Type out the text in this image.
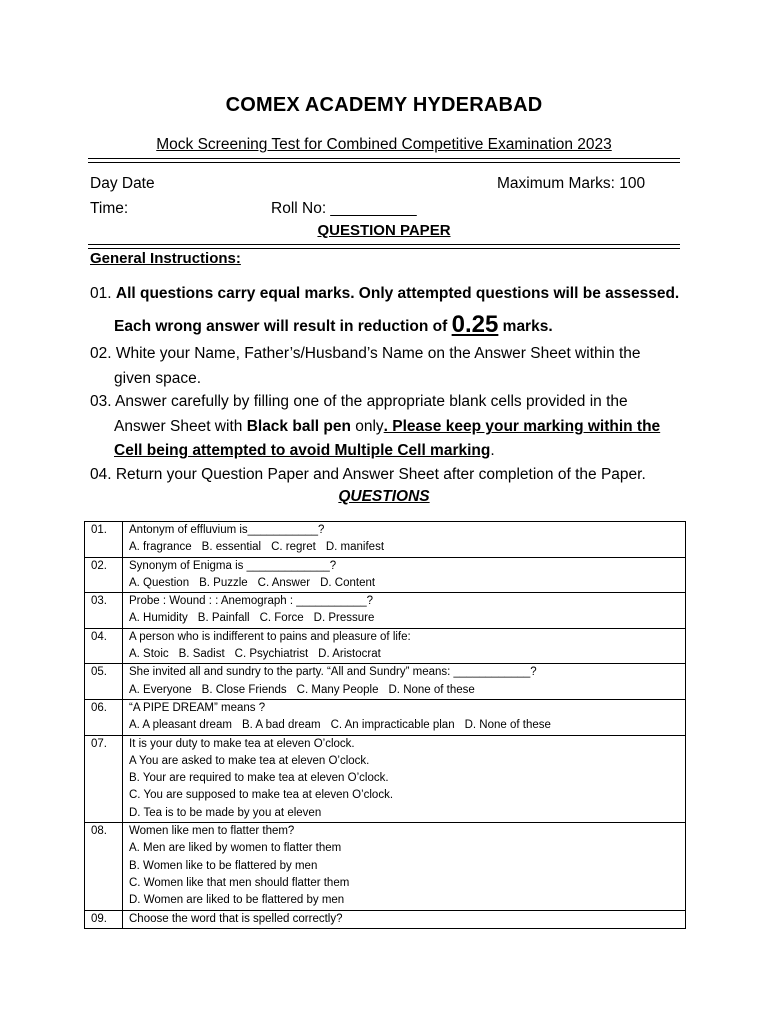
COMEX ACADEMY HYDERABAD
Mock Screening Test for Combined Competitive Examination 2023
Day Date	Maximum Marks: 100
Time:	Roll No: __________
QUESTION PAPER
General Instructions:
01. All questions carry equal marks. Only attempted questions will be assessed.
Each wrong answer will result in reduction of 0.25 marks.
02. White your Name, Father’s/Husband’s Name on the Answer Sheet within the
given space.
03. Answer carefully by filling one of the appropriate blank cells provided in the
Answer Sheet with Black ball pen only. Please keep your marking within the
Cell being attempted to avoid Multiple Cell marking.
04. Return your Question Paper and Answer Sheet after completion of the Paper.
QUESTIONS
01.	Antonym of effluvium is___________?
A. fragrance B. essential C. regret D. manifest

02.	Synonym of Enigma is _____________?
A. Question B. Puzzle C. Answer D. Content

03.	Probe : Wound : : Anemograph : ___________?
A. Humidity B. Painfall C. Force D. Pressure

04.	A person who is indifferent to pains and pleasure of life:
A. Stoic B. Sadist C. Psychiatrist D. Aristocrat

05.	She invited all and sundry to the party. “All and Sundry” means: ____________?
A. Everyone B. Close Friends C. Many People D. None of these

06.	“A PIPE DREAM” means ?
A. A pleasant dream B. A bad dream C. An impracticable plan D. None of these

07.	It is your duty to make tea at eleven O’clock.
A You are asked to make tea at eleven O’clock.
B. Your are required to make tea at eleven O’clock.
C. You are supposed to make tea at eleven O’clock.
D. Tea is to be made by you at eleven

08.	Women like men to flatter them?
A. Men are liked by women to flatter them
B. Women like to be flattered by men
C. Women like that men should flatter them
D. Women are liked to be flattered by men

09.	Choose the word that is spelled correctly?
